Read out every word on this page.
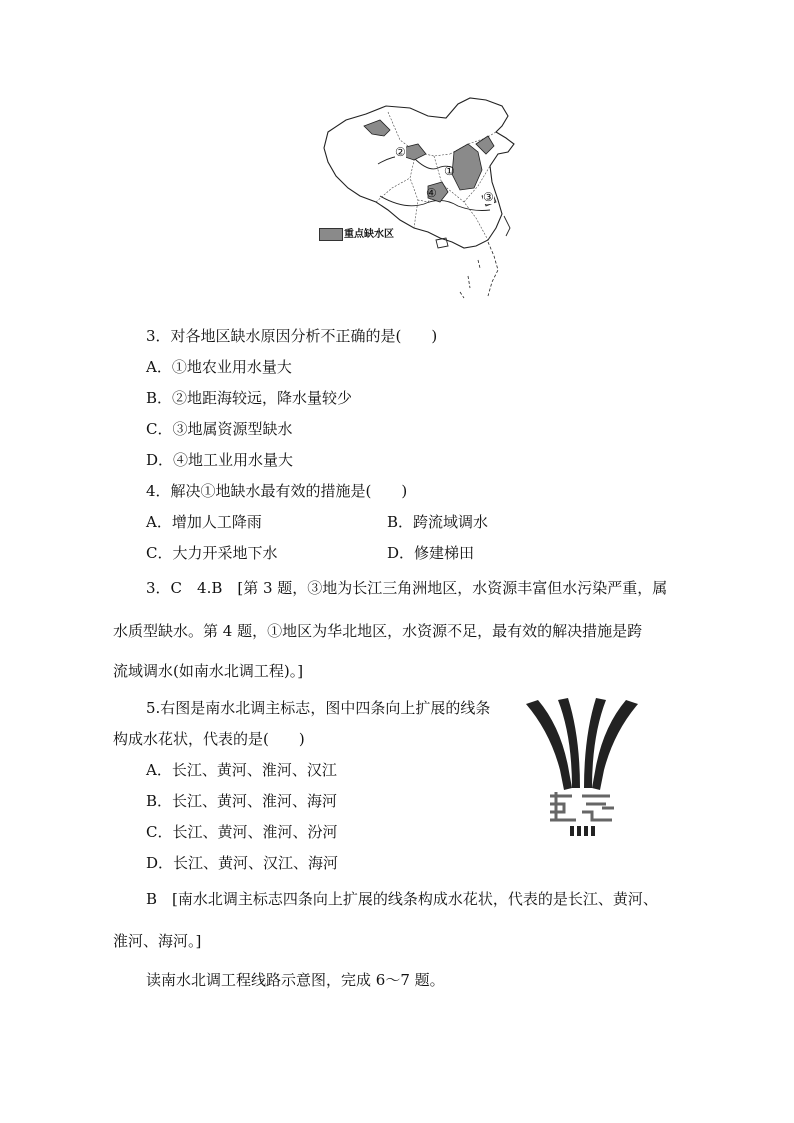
②
①
③
④
重点缺水区
3．对各地区缺水原因分析不正确的是(　　)
A．①地农业用水量大
B．②地距海较远，降水量较少
C．③地属资源型缺水
D．④地工业用水量大
4．解决①地缺水最有效的措施是(　　)
A．增加人工降雨	B．跨流域调水
C．大力开采地下水	D．修建梯田
3．C　4.B　[第 3 题，③地为长江三角洲地区，水资源丰富但水污染严重，属
水质型缺水。第 4 题，①地区为华北地区，水资源不足，最有效的解决措施是跨
流域调水(如南水北调工程)。]
5.右图是南水北调主标志，图中四条向上扩展的线条
构成水花状，代表的是(　　)
A．长江、黄河、淮河、汉江
B．长江、黄河、淮河、海河
C．长江、黄河、淮河、汾河
D．长江、黄河、汉江、海河
B　[南水北调主标志四条向上扩展的线条构成水花状，代表的是长江、黄河、
淮河、海河。]
读南水北调工程线路示意图，完成 6～7 题。
